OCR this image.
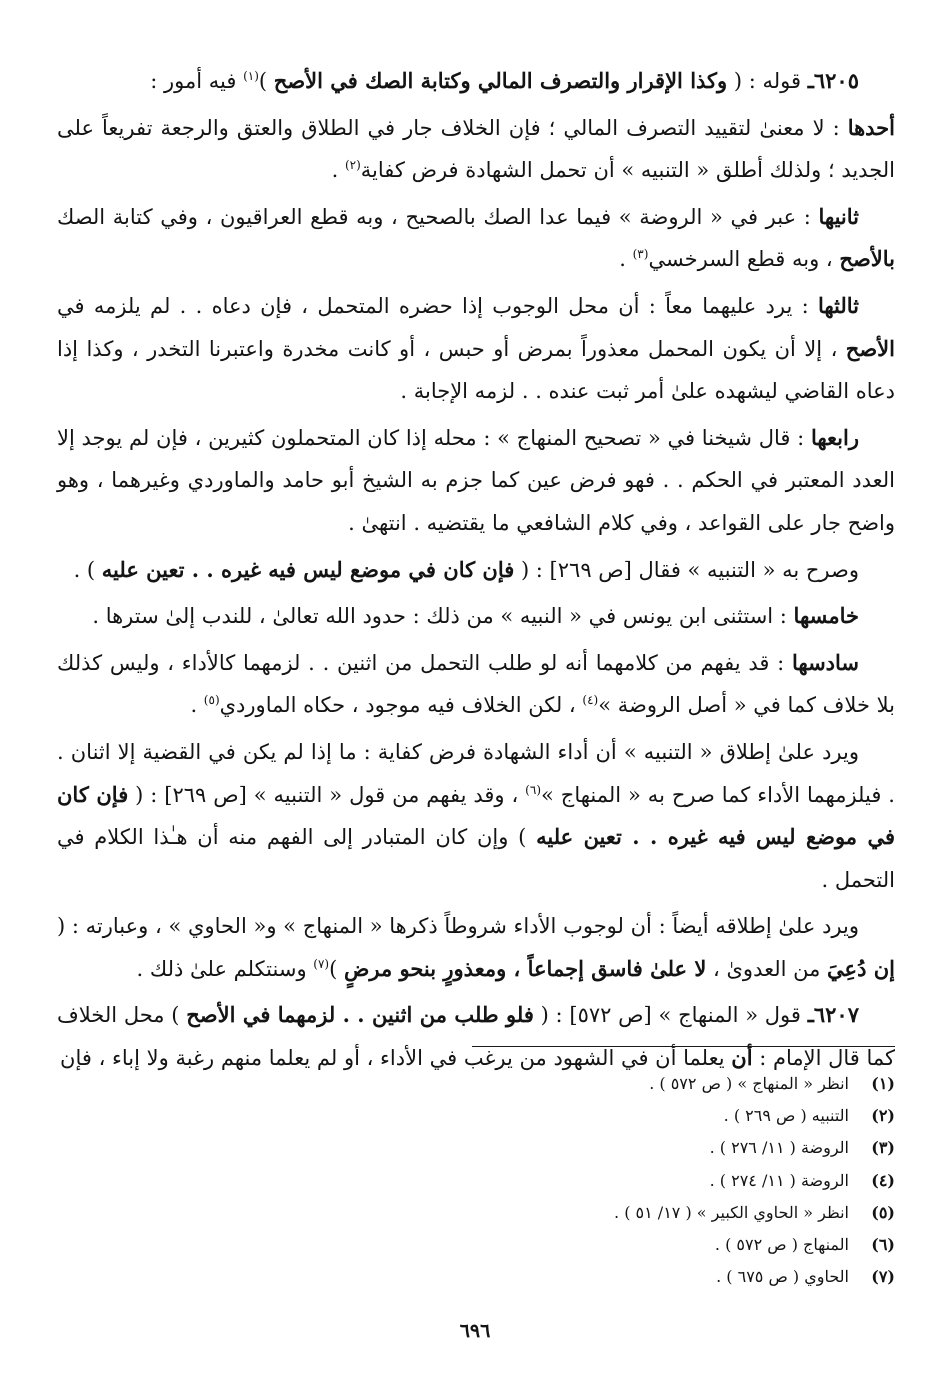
٦٢٠٥ـ قوله : ( وكذا الإقرار والتصرف المالي وكتابة الصك في الأصح )$^{(١)}$ فيه أمور :

أحدها : لا معنىٰ لتقييد التصرف المالي ؛ فإن الخلاف جار في الطلاق والعتق والرجعة تفريعاً على الجديد ؛ ولذلك أطلق « التنبيه » أن تحمل الشهادة فرض كفاية$^{(٢)}$ .

ثانيها : عبر في « الروضة » فيما عدا الصك بالصحيح ، وبه قطع العراقيون ، وفي كتابة الصك بالأصح ، وبه قطع السرخسي$^{(٣)}$ .

ثالثها : يرد عليهما معاً : أن محل الوجوب إذا حضره المتحمل ، فإن دعاه . . لم يلزمه في الأصح ، إلا أن يكون المحمل معذوراً بمرض أو حبس ، أو كانت مخدرة واعتبرنا التخدر ، وكذا إذا دعاه القاضي ليشهده علىٰ أمر ثبت عنده . . لزمه الإجابة .

رابعها : قال شيخنا في « تصحيح المنهاج » : محله إذا كان المتحملون كثيرين ، فإن لم يوجد إلا العدد المعتبر في الحكم . . فهو فرض عين كما جزم به الشيخ أبو حامد والماوردي وغيرهما ، وهو واضح جار على القواعد ، وفي كلام الشافعي ما يقتضيه . انتهىٰ .

وصرح به « التنبيه » فقال [ص ٢٦٩] : ( فإن كان في موضع ليس فيه غيره . . تعين عليه ) .

خامسها : استثنى ابن يونس في « النبيه » من ذلك : حدود الله تعالىٰ ، للندب إلىٰ سترها .

سادسها : قد يفهم من كلامهما أنه لو طلب التحمل من اثنين . . لزمهما كالأداء ، وليس كذلك بلا خلاف كما في « أصل الروضة »$^{(٤)}$ ، لكن الخلاف فيه موجود ، حكاه الماوردي$^{(٥)}$ .

ويرد علىٰ إطلاق « التنبيه » أن أداء الشهادة فرض كفاية : ما إذا لم يكن في القضية إلا اثنان . . فيلزمهما الأداء كما صرح به « المنهاج »$^{(٦)}$ ، وقد يفهم من قول « التنبيه » [ص ٢٦٩] : ( فإن كان في موضع ليس فيه غيره . . تعين عليه ) وإن كان المتبادر إلى الفهم منه أن هـٰذا الكلام في التحمل .

ويرد علىٰ إطلاقه أيضاً : أن لوجوب الأداء شروطاً ذكرها « المنهاج » و« الحاوي » ، وعبارته : ( إن دُعِيَ من العدوىٰ ، لا علىٰ فاسق إجماعاً ، ومعذورٍ بنحو مرضٍ )$^{(٧)}$ وسنتكلم علىٰ ذلك .

٦٢٠٧ـ قول « المنهاج » [ص ٥٧٢] : ( فلو طلب من اثنين . . لزمهما في الأصح ) محل الخلاف كما قال الإمام : أن يعلما أن في الشهود من يرغب في الأداء ، أو لم يعلما منهم رغبة ولا إباء ، فإن

(١)انظر « المنهاج » ( ص ٥٧٢ ) .
(٢)التنبيه ( ص ٢٦٩ ) .
(٣)الروضة ( ١١/ ٢٧٦ ) .
(٤)الروضة ( ١١/ ٢٧٤ ) .
(٥)انظر « الحاوي الكبير » ( ١٧/ ٥١ ) .
(٦)المنهاج ( ص ٥٧٢ ) .
(٧)الحاوي ( ص ٦٧٥ ) .
٦٩٦
